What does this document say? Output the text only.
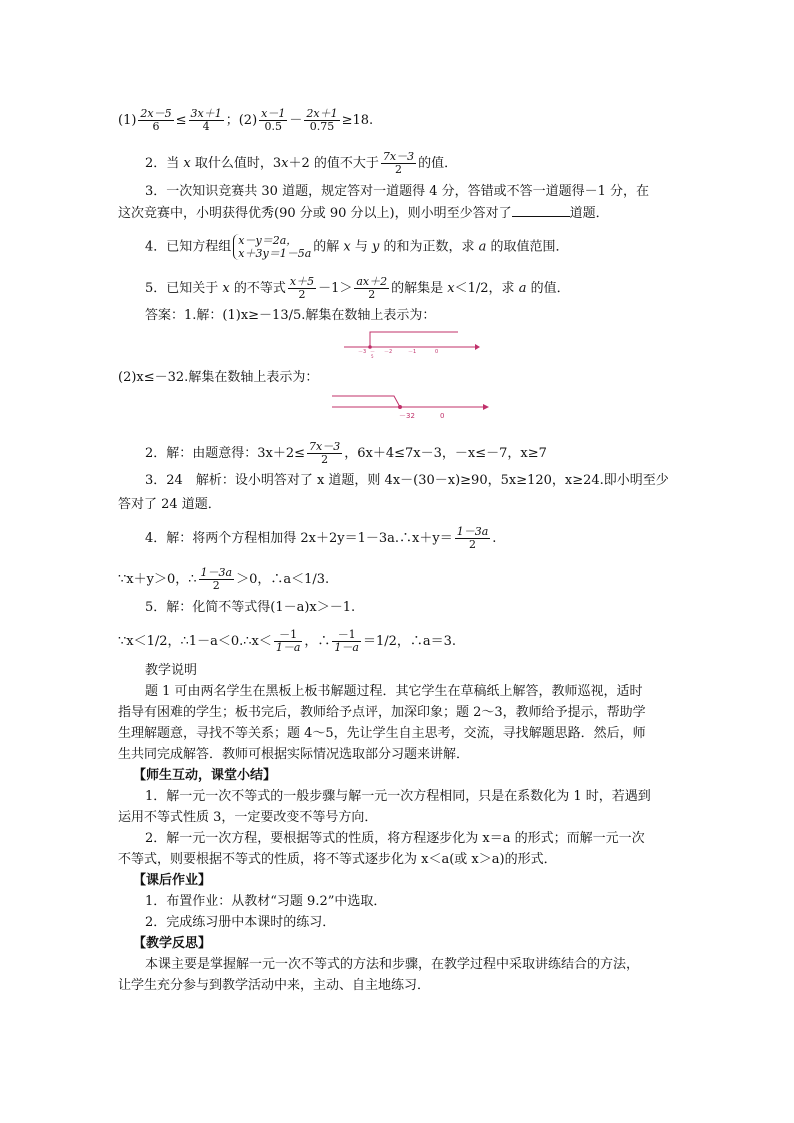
$(1) \frac{2x-5}{6} \le \frac{3x+1}{4}$ ；$(2) \frac{x-1}{0.5} - \frac{2x+1}{0.75} \ge 18$.
2．当 x 取什么值时，3x＋2 的值不大于 $\frac{7x-3}{2}$ 的值．
3．一次知识竞赛共 30 道题，规定答对一道题得 4 分，答错或不答一道题得－1 分，在
这次竞赛中，小明获得优秀(90 分或 90 分以上)，则小明至少答对了	道题．
4．已知方程组 x－y＝2a，
x＋3y＝1－5a 的解 x 与 y 的和为正数，求 a 的取值范围．
5．已知关于 x 的不等式 $\frac{x+5}{2} -1> \frac{ax+2}{2}$ 的解集是 x＜1/2，求 a 的值．
答案：1.解：(1)x≥－13/5.解集在数轴上表示为：
－3 －
5
－2	－1	0
(2)x≤－32.解集在数轴上表示为：
－32	0
2．解：由题意得：$3x+2\le \frac{7x-3}{2}$ ，6x＋4≤7x－3，－x≤－7，x≥7
3．24　解析：设小明答对了 x 道题，则 4x－(30－x)≥90，5x≥120，x≥24.即小明至少
答对了 24 道题．
4．解：将两个方程相加得 2x＋2y＝1－3a.∴x＋y＝ $\frac{1-3a}{2}$ .
∵x＋y＞0，∴ $\frac{1-3a}{2} >0$，∴a＜1/3.
5．解：化简不等式得(1－a)x＞－1.
∵x＜1/2，∴1－a＜0.∴x＜ $\frac{-1}{1-a}$ ，∴ $\frac{-1}{1-a} =1/2$，∴a＝3.
教学说明
题 1 可由两名学生在黑板上板书解题过程．其它学生在草稿纸上解答，教师巡视，适时
指导有困难的学生；板书完后，教师给予点评，加深印象；题 2～3，教师给予提示，帮助学
生理解题意，寻找不等关系；题 4～5，先让学生自主思考，交流，寻找解题思路．然后，师
生共同完成解答．教师可根据实际情况选取部分习题来讲解．
【师生互动，课堂小结】
1．解一元一次不等式的一般步骤与解一元一次方程相同，只是在系数化为 1 时，若遇到
运用不等式性质 3，一定要改变不等号方向．
2．解一元一次方程，要根据等式的性质，将方程逐步化为 x＝a 的形式；而解一元一次
不等式，则要根据不等式的性质，将不等式逐步化为 x＜a(或 x＞a)的形式．
【课后作业】
1．布置作业：从教材“习题 9.2”中选取．
2．完成练习册中本课时的练习．
【教学反思】
本课主要是掌握解一元一次不等式的方法和步骤，在教学过程中采取讲练结合的方法，
让学生充分参与到教学活动中来，主动、自主地练习．
